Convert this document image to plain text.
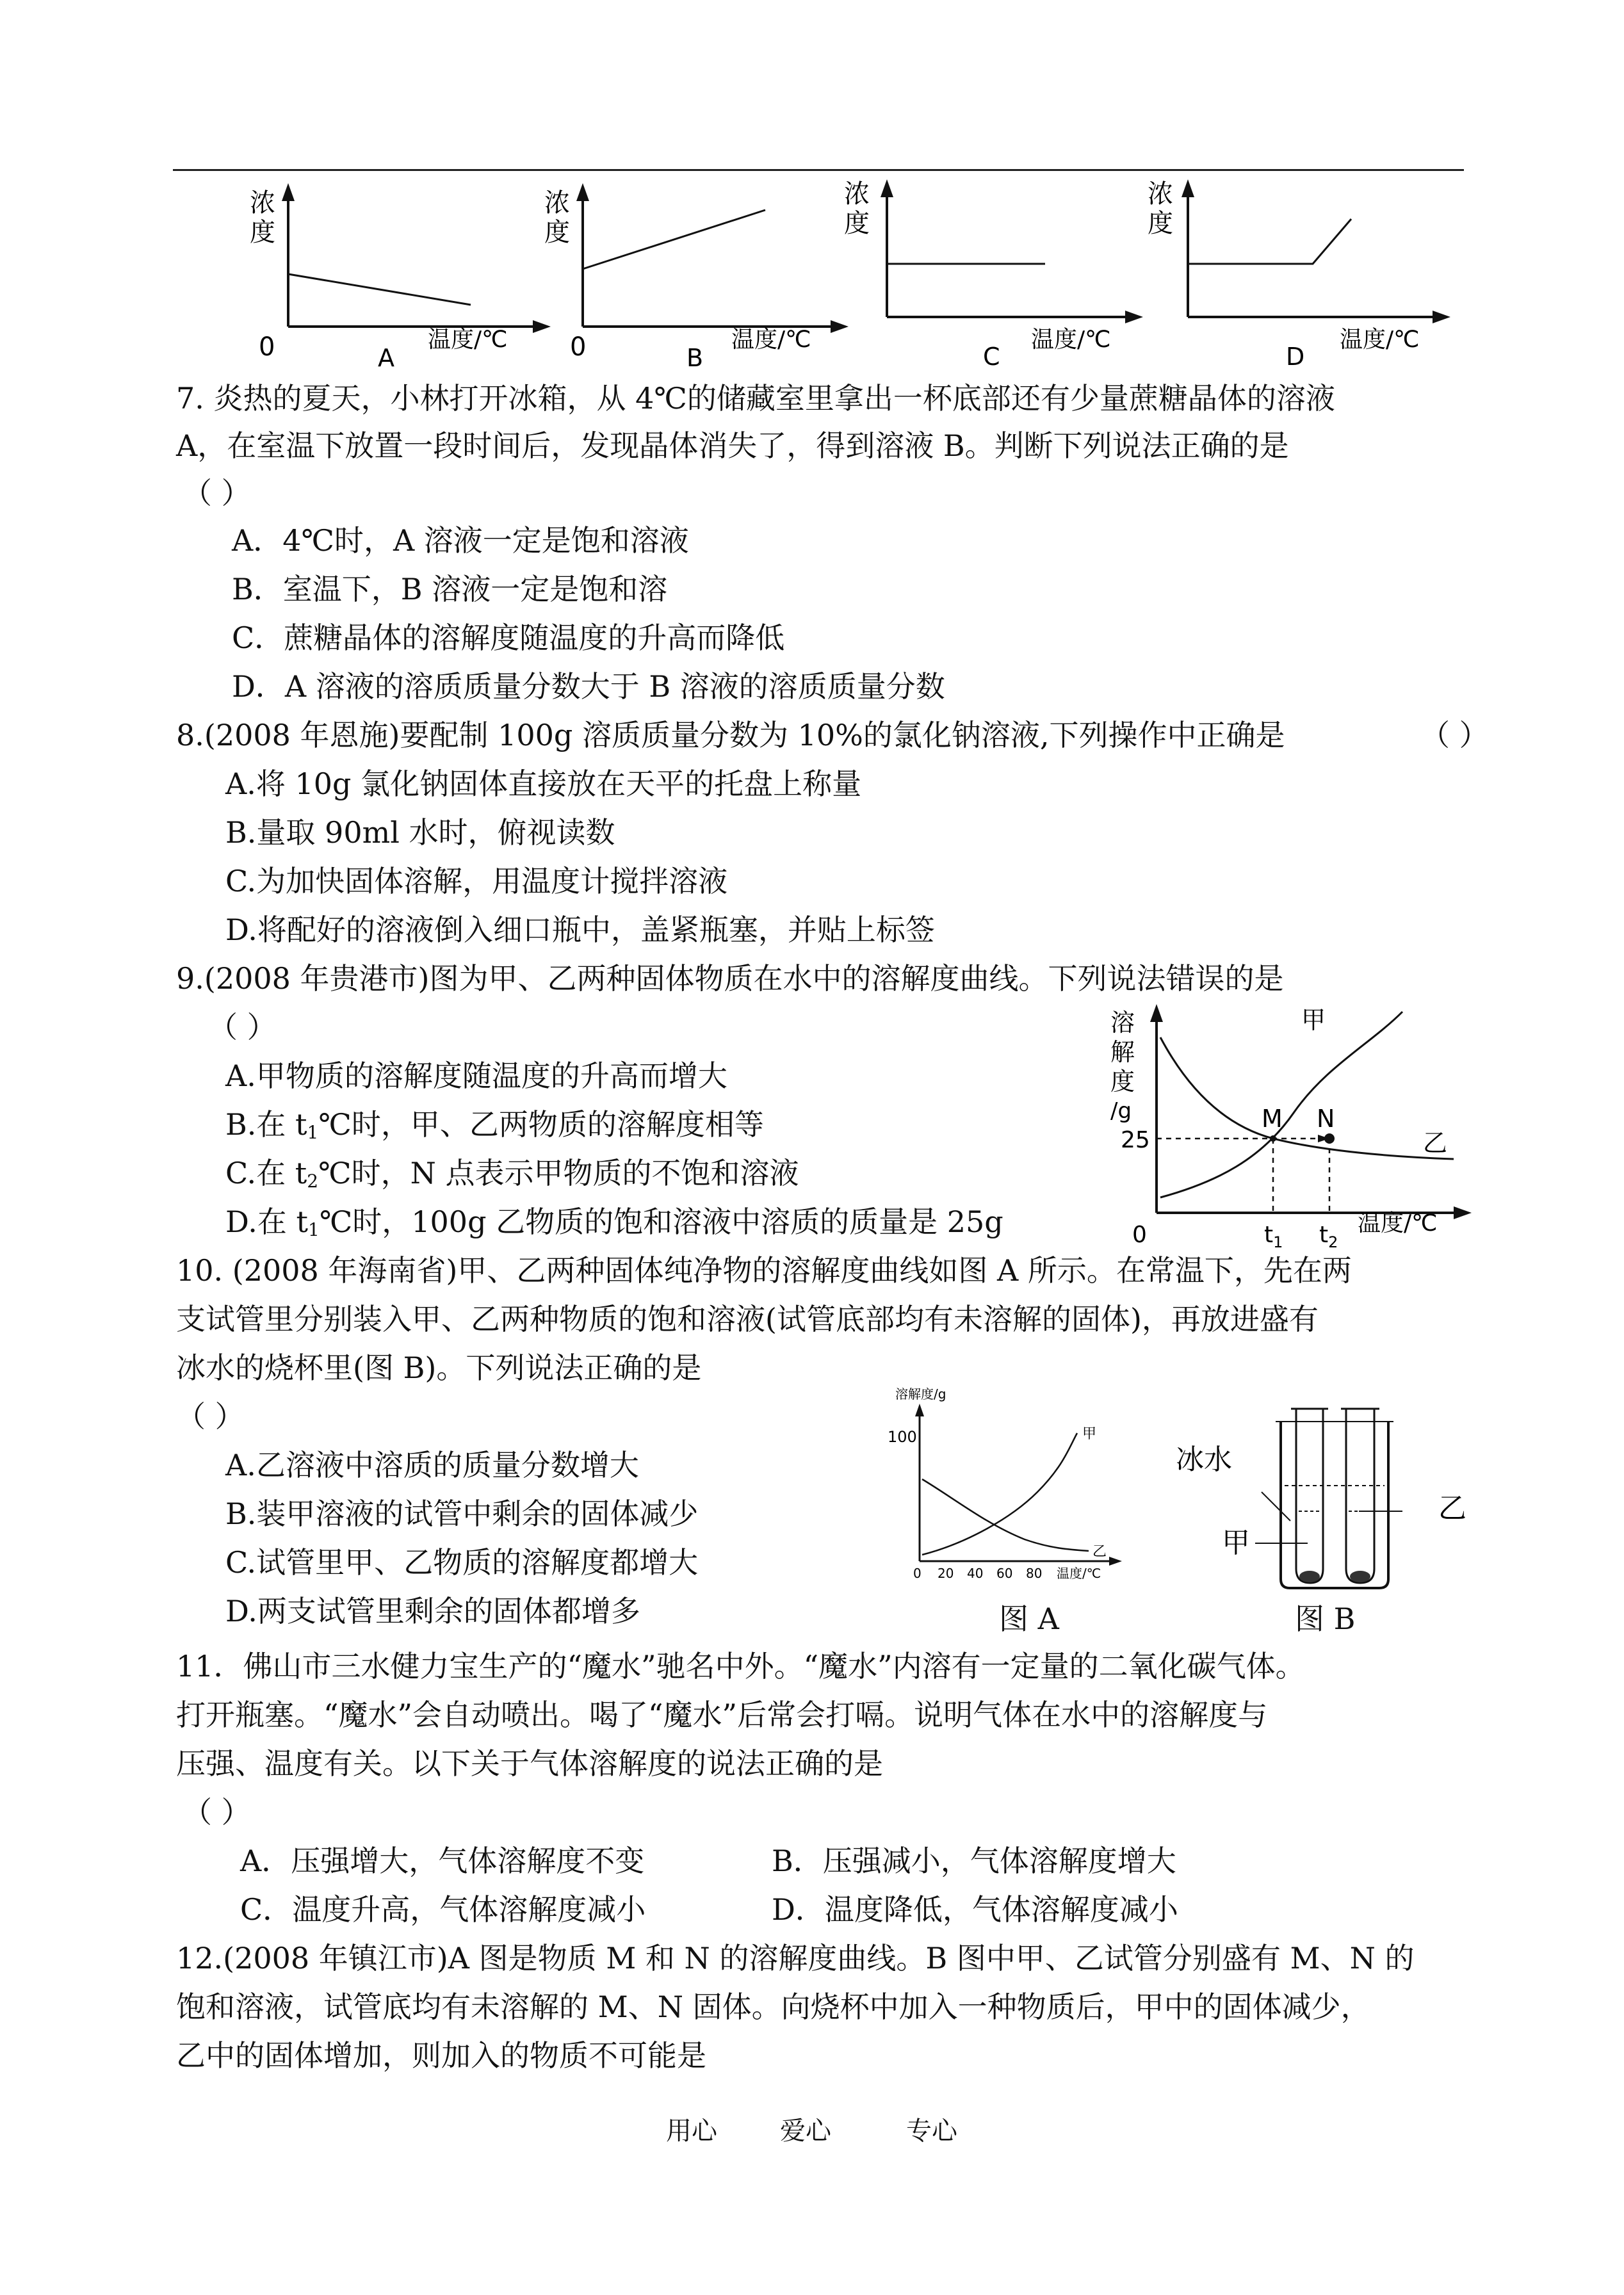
浓
度
0	A
温度/℃
浓
度
0	B
温度/℃
浓
度
C
温度/℃
浓
度
D
温度/℃
7. 炎热的夏天，小林打开冰箱，从 4℃的储藏室里拿出一杯底部还有少量蔗糖晶体的溶液
A，在室温下放置一段时间后，发现晶体消失了，得到溶液 B。判断下列说法正确的是
（ ）
A．4℃时，A 溶液一定是饱和溶液
B．室温下，B 溶液一定是饱和溶
C．蔗糖晶体的溶解度随温度的升高而降低
D．A 溶液的溶质质量分数大于 B 溶液的溶质质量分数
8.(2008 年恩施)要配制 100g 溶质质量分数为 10%的氯化钠溶液,下列操作中正确是	（ ）
A.将 10g 氯化钠固体直接放在天平的托盘上称量
B.量取 90ml 水时，俯视读数
C.为加快固体溶解，用温度计搅拌溶液
D.将配好的溶液倒入细口瓶中，盖紧瓶塞，并贴上标签
9.(2008 年贵港市)图为甲、乙两种固体物质在水中的溶解度曲线。下列说法错误的是
（ ）
A.甲物质的溶解度随温度的升高而增大
B.在 $t_1℃$时，甲、乙两物质的溶解度相等
C.在 $t_2℃$时，N 点表示甲物质的不饱和溶液
D.在 $t_1℃$时，100g 乙物质的饱和溶液中溶质的质量是 25g
溶
解
度
/g
甲
M N
乙
25
0	$t_1$ $t_2$
温度/℃
10. (2008 年海南省)甲、乙两种固体纯净物的溶解度曲线如图 A 所示。在常温下，先在两
支试管里分别装入甲、乙两种物质的饱和溶液(试管底部均有未溶解的固体)，再放进盛有
冰水的烧杯里(图 B)。下列说法正确的是
（ ）
A.乙溶液中溶质的质量分数增大
B.装甲溶液的试管中剩余的固体减少
C.试管里甲、乙物质的溶解度都增大
D.两支试管里剩余的固体都增多
溶解度/g
100	甲
乙
0 20 40 60 80 温度/℃
图 A
冰水
甲
乙
图 B
11．佛山市三水健力宝生产的“魔水”驰名中外。“魔水”内溶有一定量的二氧化碳气体。
打开瓶塞。“魔水”会自动喷出。喝了“魔水”后常会打嗝。说明气体在水中的溶解度与
压强、温度有关。以下关于气体溶解度的说法正确的是
（ ）
A．压强增大，气体溶解度不变	B．压强减小，气体溶解度增大
C．温度升高，气体溶解度减小	D．温度降低，气体溶解度减小
12.(2008 年镇江市)A 图是物质 M 和 N 的溶解度曲线。B 图中甲、乙试管分别盛有 M、N 的
饱和溶液，试管底均有未溶解的 M、N 固体。向烧杯中加入一种物质后，甲中的固体减少，
乙中的固体增加，则加入的物质不可能是
用心 爱心	专心
